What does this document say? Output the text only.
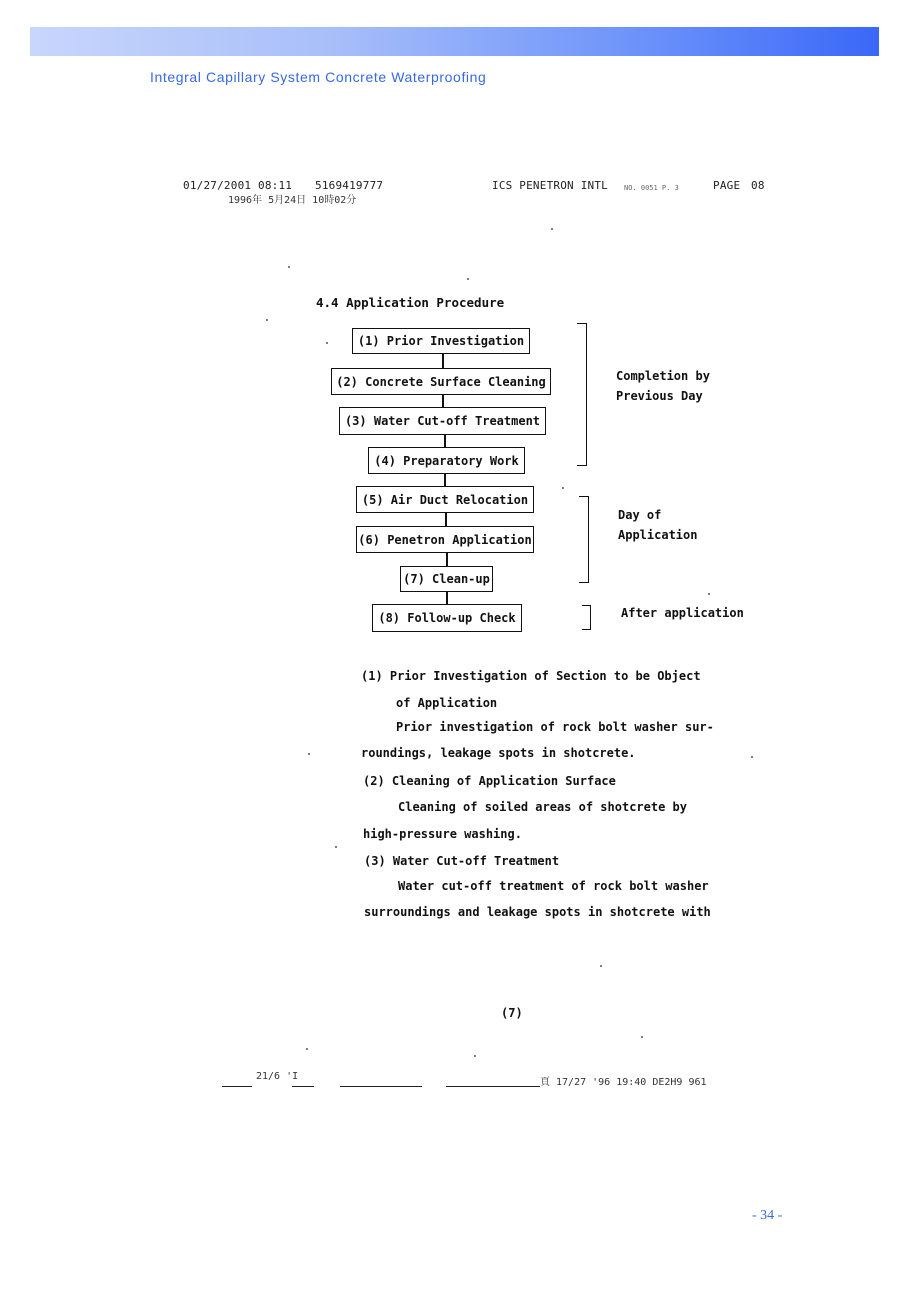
Integral Capillary System Concrete Waterproofing
01/27/2001 08:11 5169419777	ICS PENETRON INTL NO. 0051 P. 3	PAGE 08
1996年 5月24日 10時02分
4.4 Application Procedure
(1) Prior Investigation
(2) Concrete Surface Cleaning
(3) Water Cut-off Treatment
(4) Preparatory Work
(5) Air Duct Relocation
(6) Penetron Application
(7) Clean-up
(8) Follow-up Check
Completion by
Previous Day
Day of
Application
After application
(1) Prior Investigation of Section to be Object
of Application
Prior investigation of rock bolt washer sur-
roundings, leakage spots in shotcrete.
(2) Cleaning of Application Surface
Cleaning of soiled areas of shotcrete by
high-pressure washing.
(3) Water Cut-off Treatment
Water cut-off treatment of rock bolt washer
surroundings and leakage spots in shotcrete with
(7)
21/6 'I
頁 17/27 '96 19:40 DE2H9 961
- 34 -
